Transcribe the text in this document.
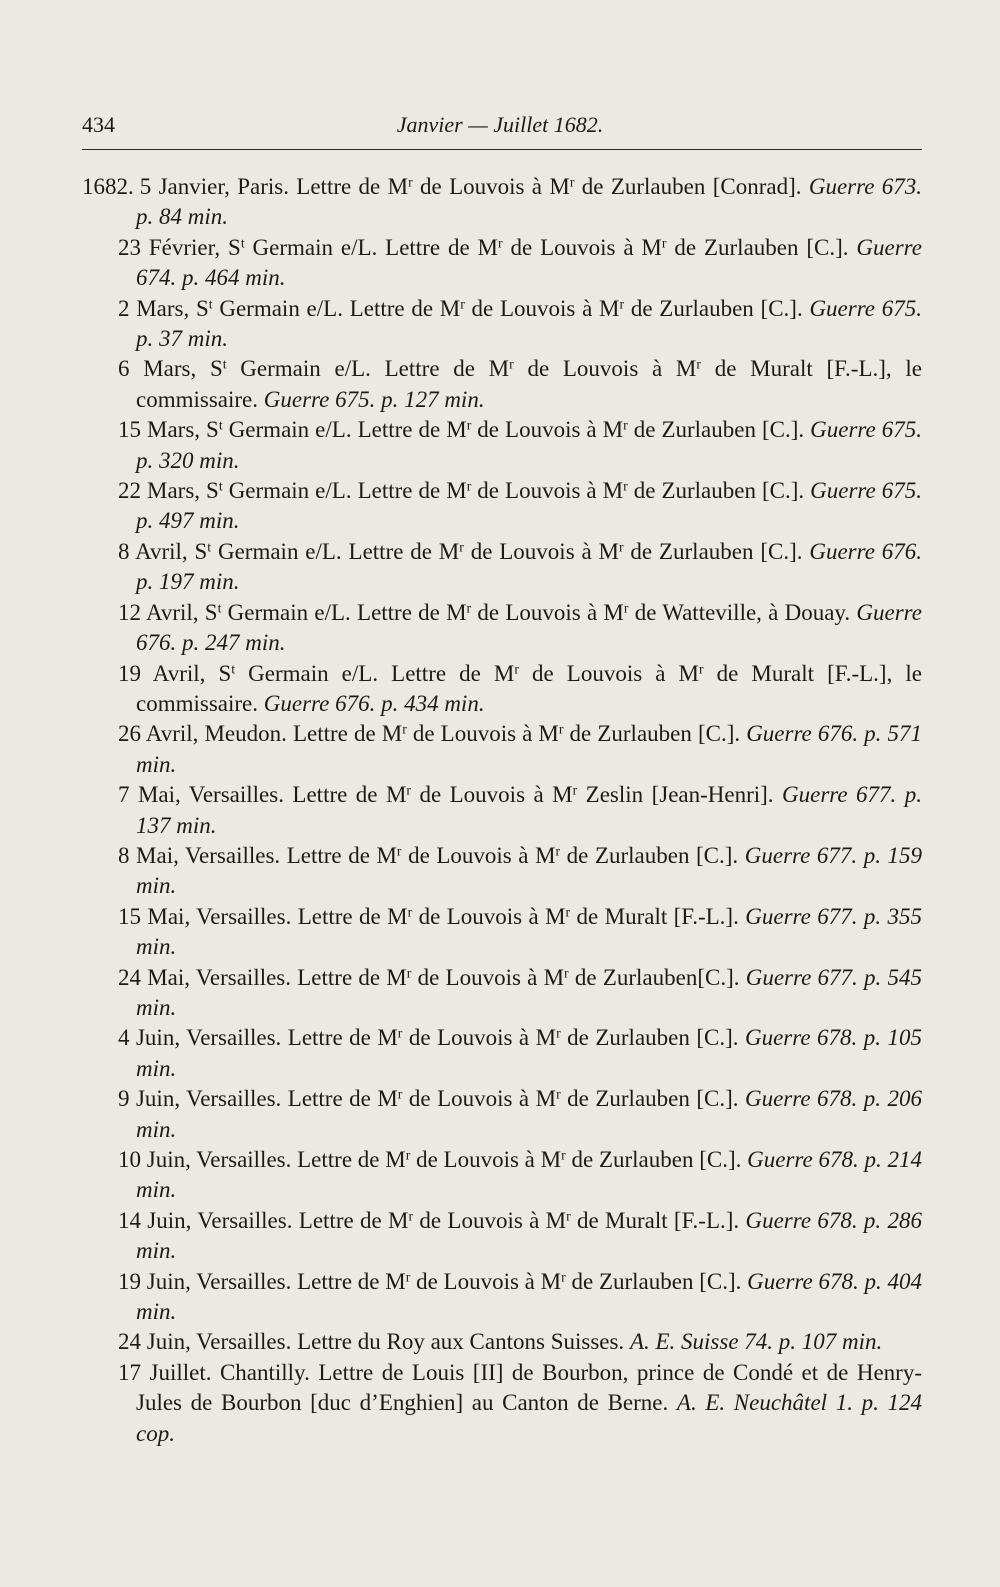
434	Janvier — Juillet 1682.
1682. 5 Janvier, Paris. Lettre de $M^r$ de Louvois à $M^r$ de Zurlauben [Conrad]. Guerre 673. p. 84 min.
23 Février, $S^t$ Germain e/L. Lettre de $M^r$ de Louvois à $M^r$ de Zurlauben [C.]. Guerre 674. p. 464 min.
2 Mars, $S^t$ Germain e/L. Lettre de $M^r$ de Louvois à $M^r$ de Zurlauben [C.]. Guerre 675. p. 37 min.
6 Mars, $S^t$ Germain e/L. Lettre de $M^r$ de Louvois à $M^r$ de Muralt [F.-L.], le commissaire. Guerre 675. p. 127 min.
15 Mars, $S^t$ Germain e/L. Lettre de $M^r$ de Louvois à $M^r$ de Zurlauben [C.]. Guerre 675. p. 320 min.
22 Mars, $S^t$ Germain e/L. Lettre de $M^r$ de Louvois à $M^r$ de Zurlauben [C.]. Guerre 675. p. 497 min.
8 Avril, $S^t$ Germain e/L. Lettre de $M^r$ de Louvois à $M^r$ de Zurlauben [C.]. Guerre 676. p. 197 min.
12 Avril, $S^t$ Germain e/L. Lettre de $M^r$ de Louvois à $M^r$ de Watteville, à Douay. Guerre 676. p. 247 min.
19 Avril, $S^t$ Germain e/L. Lettre de $M^r$ de Louvois à $M^r$ de Muralt [F.-L.], le commissaire. Guerre 676. p. 434 min.
26 Avril, Meudon. Lettre de $M^r$ de Louvois à $M^r$ de Zurlauben [C.]. Guerre 676. p. 571 min.
7 Mai, Versailles. Lettre de $M^r$ de Louvois à $M^r$ Zeslin [Jean-Henri]. Guerre 677. p. 137 min.
8 Mai, Versailles. Lettre de $M^r$ de Louvois à $M^r$ de Zurlauben [C.]. Guerre 677. p. 159 min.
15 Mai, Versailles. Lettre de $M^r$ de Louvois à $M^r$ de Muralt [F.-L.]. Guerre 677. p. 355 min.
24 Mai, Versailles. Lettre de $M^r$ de Louvois à $M^r$ de Zurlauben[C.]. Guerre 677. p. 545 min.
4 Juin, Versailles. Lettre de $M^r$ de Louvois à $M^r$ de Zurlauben [C.]. Guerre 678. p. 105 min.
9 Juin, Versailles. Lettre de $M^r$ de Louvois à $M^r$ de Zurlauben [C.]. Guerre 678. p. 206 min.
10 Juin, Versailles. Lettre de $M^r$ de Louvois à $M^r$ de Zurlauben [C.]. Guerre 678. p. 214 min.
14 Juin, Versailles. Lettre de $M^r$ de Louvois à $M^r$ de Muralt [F.-L.]. Guerre 678. p. 286 min.
19 Juin, Versailles. Lettre de $M^r$ de Louvois à $M^r$ de Zurlauben [C.]. Guerre 678. p. 404 min.
24 Juin, Versailles. Lettre du Roy aux Cantons Suisses. A. E. Suisse 74. p. 107 min.
17 Juillet. Chantilly. Lettre de Louis [II] de Bourbon, prince de Condé et de Henry-Jules de Bourbon [duc d’Enghien] au Canton de Berne. A. E. Neuchâtel 1. p. 124 cop.
